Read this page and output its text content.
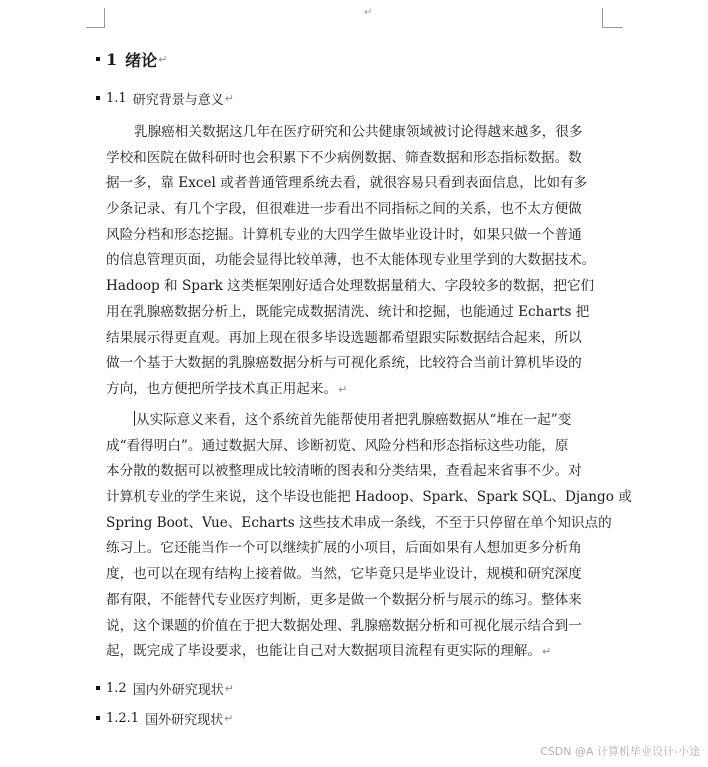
↵
1 绪论 ↵
1.1 研究背景与意义 ↵
乳腺癌相关数据这几年在医疗研究和公共健康领域被讨论得越来越多，很多
学校和医院在做科研时也会积累下不少病例数据、筛查数据和形态指标数据。数
据一多，靠 Excel 或者普通管理系统去看，就很容易只看到表面信息，比如有多
少条记录、有几个字段，但很难进一步看出不同指标之间的关系，也不太方便做
风险分档和形态挖掘。计算机专业的大四学生做毕业设计时，如果只做一个普通
的信息管理页面，功能会显得比较单薄，也不太能体现专业里学到的大数据技术。
Hadoop 和 Spark 这类框架刚好适合处理数据量稍大、字段较多的数据，把它们
用在乳腺癌数据分析上，既能完成数据清洗、统计和挖掘，也能通过 Echarts 把
结果展示得更直观。再加上现在很多毕设选题都希望跟实际数据结合起来，所以
做一个基于大数据的乳腺癌数据分析与可视化系统，比较符合当前计算机毕设的
方向，也方便把所学技术真正用起来。↵
从实际意义来看，这个系统首先能帮使用者把乳腺癌数据从“堆在一起”变
成“看得明白”。通过数据大屏、诊断初览、风险分档和形态指标这些功能，原
本分散的数据可以被整理成比较清晰的图表和分类结果，查看起来省事不少。对
计算机专业的学生来说，这个毕设也能把 Hadoop、Spark、Spark SQL、Django 或
Spring Boot、Vue、Echarts 这些技术串成一条线，不至于只停留在单个知识点的
练习上。它还能当作一个可以继续扩展的小项目，后面如果有人想加更多分析角
度，也可以在现有结构上接着做。当然，它毕竟只是毕业设计，规模和研究深度
都有限，不能替代专业医疗判断，更多是做一个数据分析与展示的练习。整体来
说，这个课题的价值在于把大数据处理、乳腺癌数据分析和可视化展示结合到一
起，既完成了毕设要求，也能让自己对大数据项目流程有更实际的理解。↵
1.2 国内外研究现状 ↵
1.2.1 国外研究现状 ↵
CSDN @A 计算机毕业设计-小途
